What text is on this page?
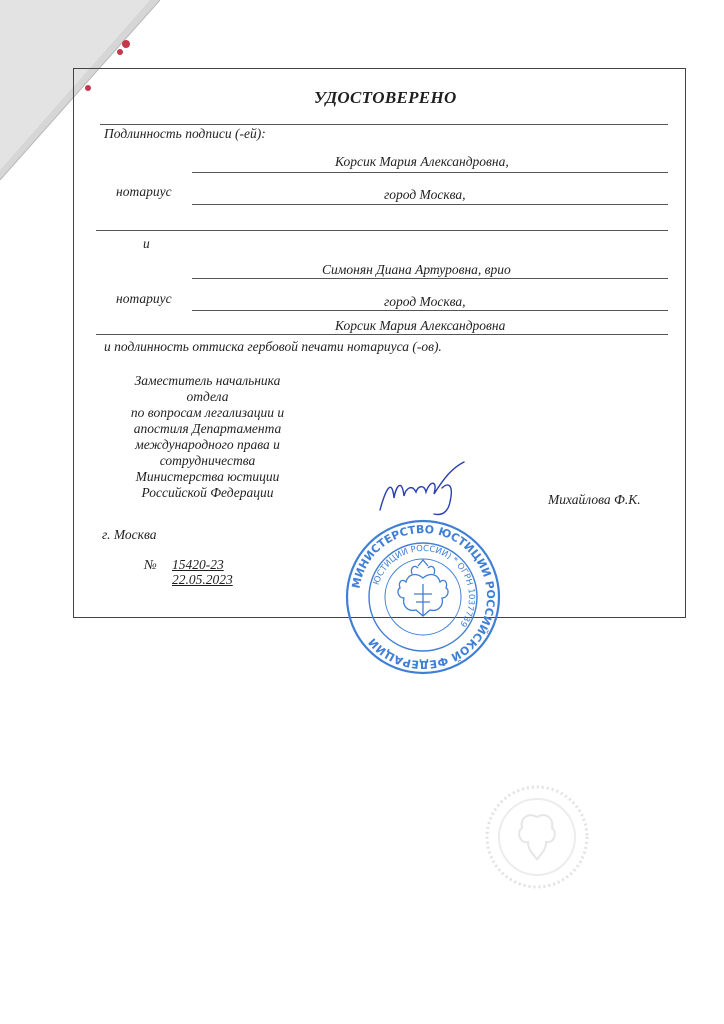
УДОСТОВЕРЕНО
Подлинность подписи (-ей):
Корсик Мария Александровна,
нотариус	город Москва,
и
Симонян Диана Артуровна, врио
нотариус	город Москва,
Корсик Мария Александровна
и подлинность оттиска гербовой печати нотариуса (-ов).
Заместитель начальника
отдела
по вопросам легализации и
апостиля Департамента
международного права и
сотрудничества
Министерства юстиции
Российской Федерации	Михайлова Ф.К.
г. Москва
№ 15420-23
22.05.2023	МИНИСТЕРСТВО ЮСТИЦИИ РОССИЙСКОЙ ФЕДЕРАЦИИ
ЮСТИЦИИ РОССИИ) * ОГРН 1037739
